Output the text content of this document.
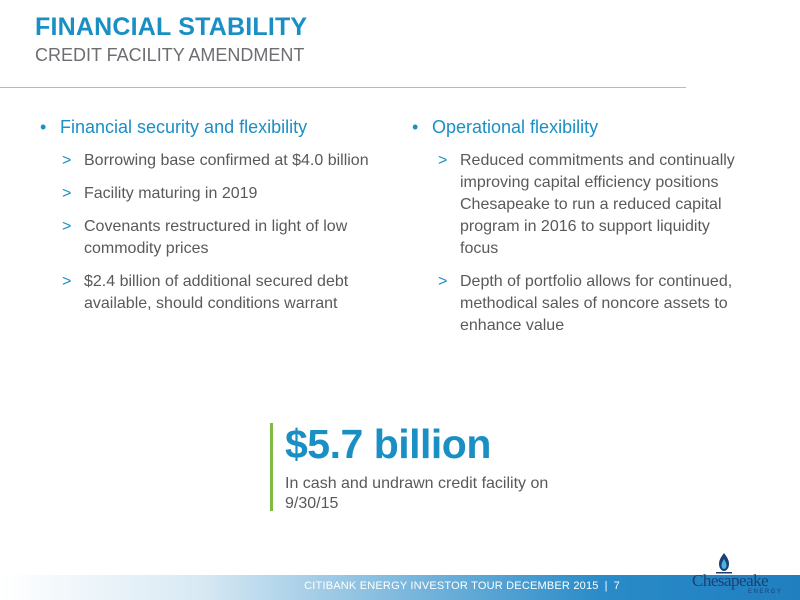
FINANCIAL STABILITY
CREDIT FACILITY AMENDMENT
• Financial security and flexibility
> Borrowing base confirmed at $4.0 billion
> Facility maturing in 2019
> Covenants restructured in light of low commodity prices
> $2.4 billion of additional secured debt available, should conditions warrant
• Operational flexibility
> Reduced commitments and continually improving capital efficiency positions Chesapeake to run a reduced capital program in 2016 to support liquidity focus
> Depth of portfolio allows for continued, methodical sales of noncore assets to enhance value
$5.7 billion
In cash and undrawn credit facility on 9/30/15
CITIBANK ENERGY INVESTOR TOUR DECEMBER 2015 | 7	Chesapeake
ENERGY
